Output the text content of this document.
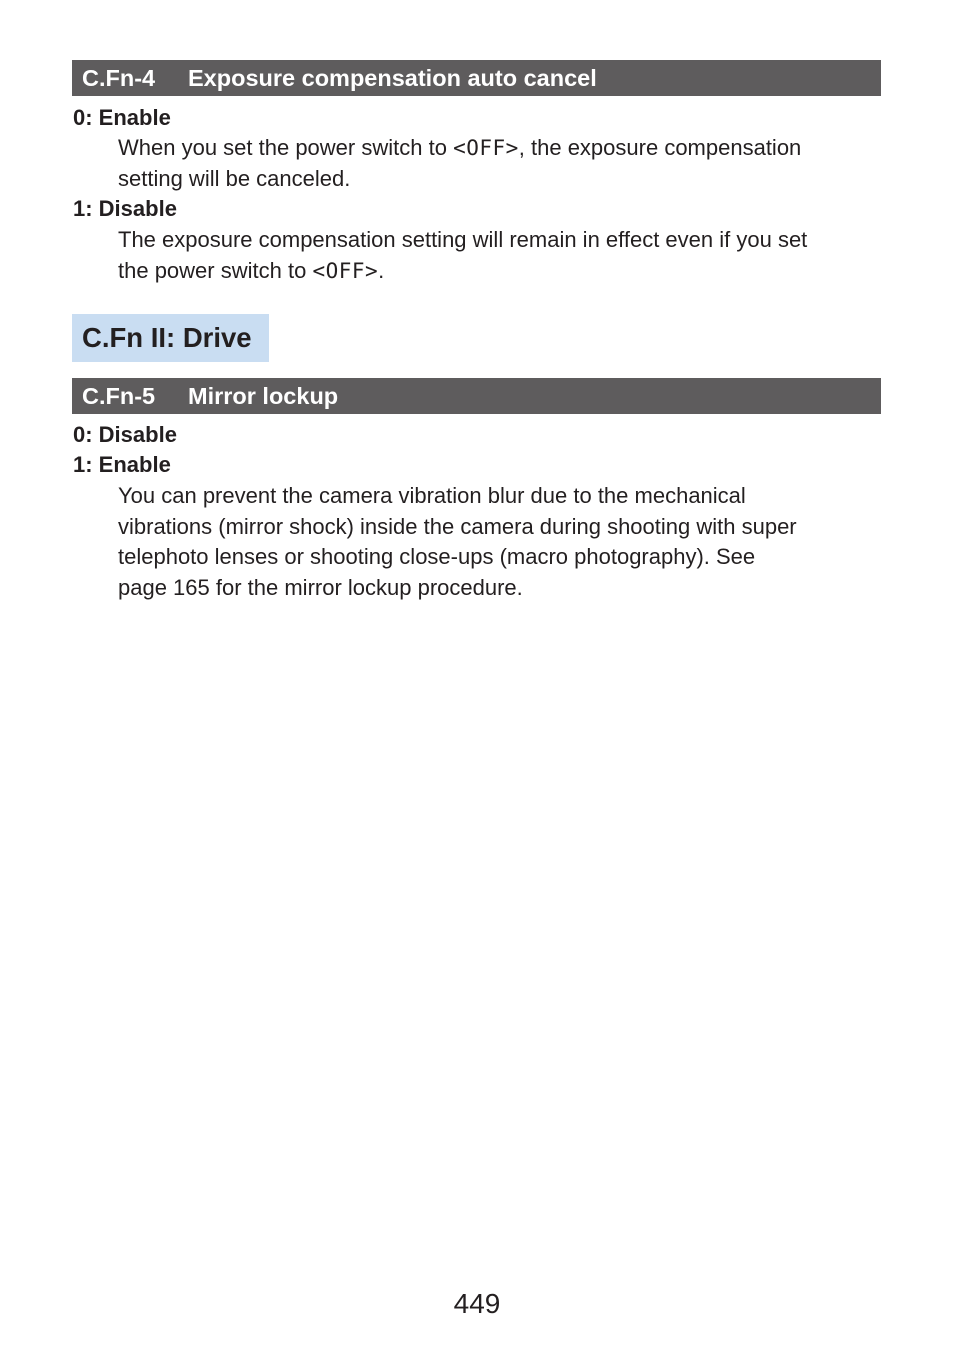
C.Fn-4 Exposure compensation auto cancel
0: Enable
When you set the power switch to <OFF>, the exposure compensation
setting will be canceled.
1: Disable
The exposure compensation setting will remain in effect even if you set
the power switch to <OFF>.
C.Fn II: Drive
C.Fn-5 Mirror lockup
0: Disable
1: Enable
You can prevent the camera vibration blur due to the mechanical
vibrations (mirror shock) inside the camera during shooting with super
telephoto lenses or shooting close-ups (macro photography). See
page 165 for the mirror lockup procedure.
449
